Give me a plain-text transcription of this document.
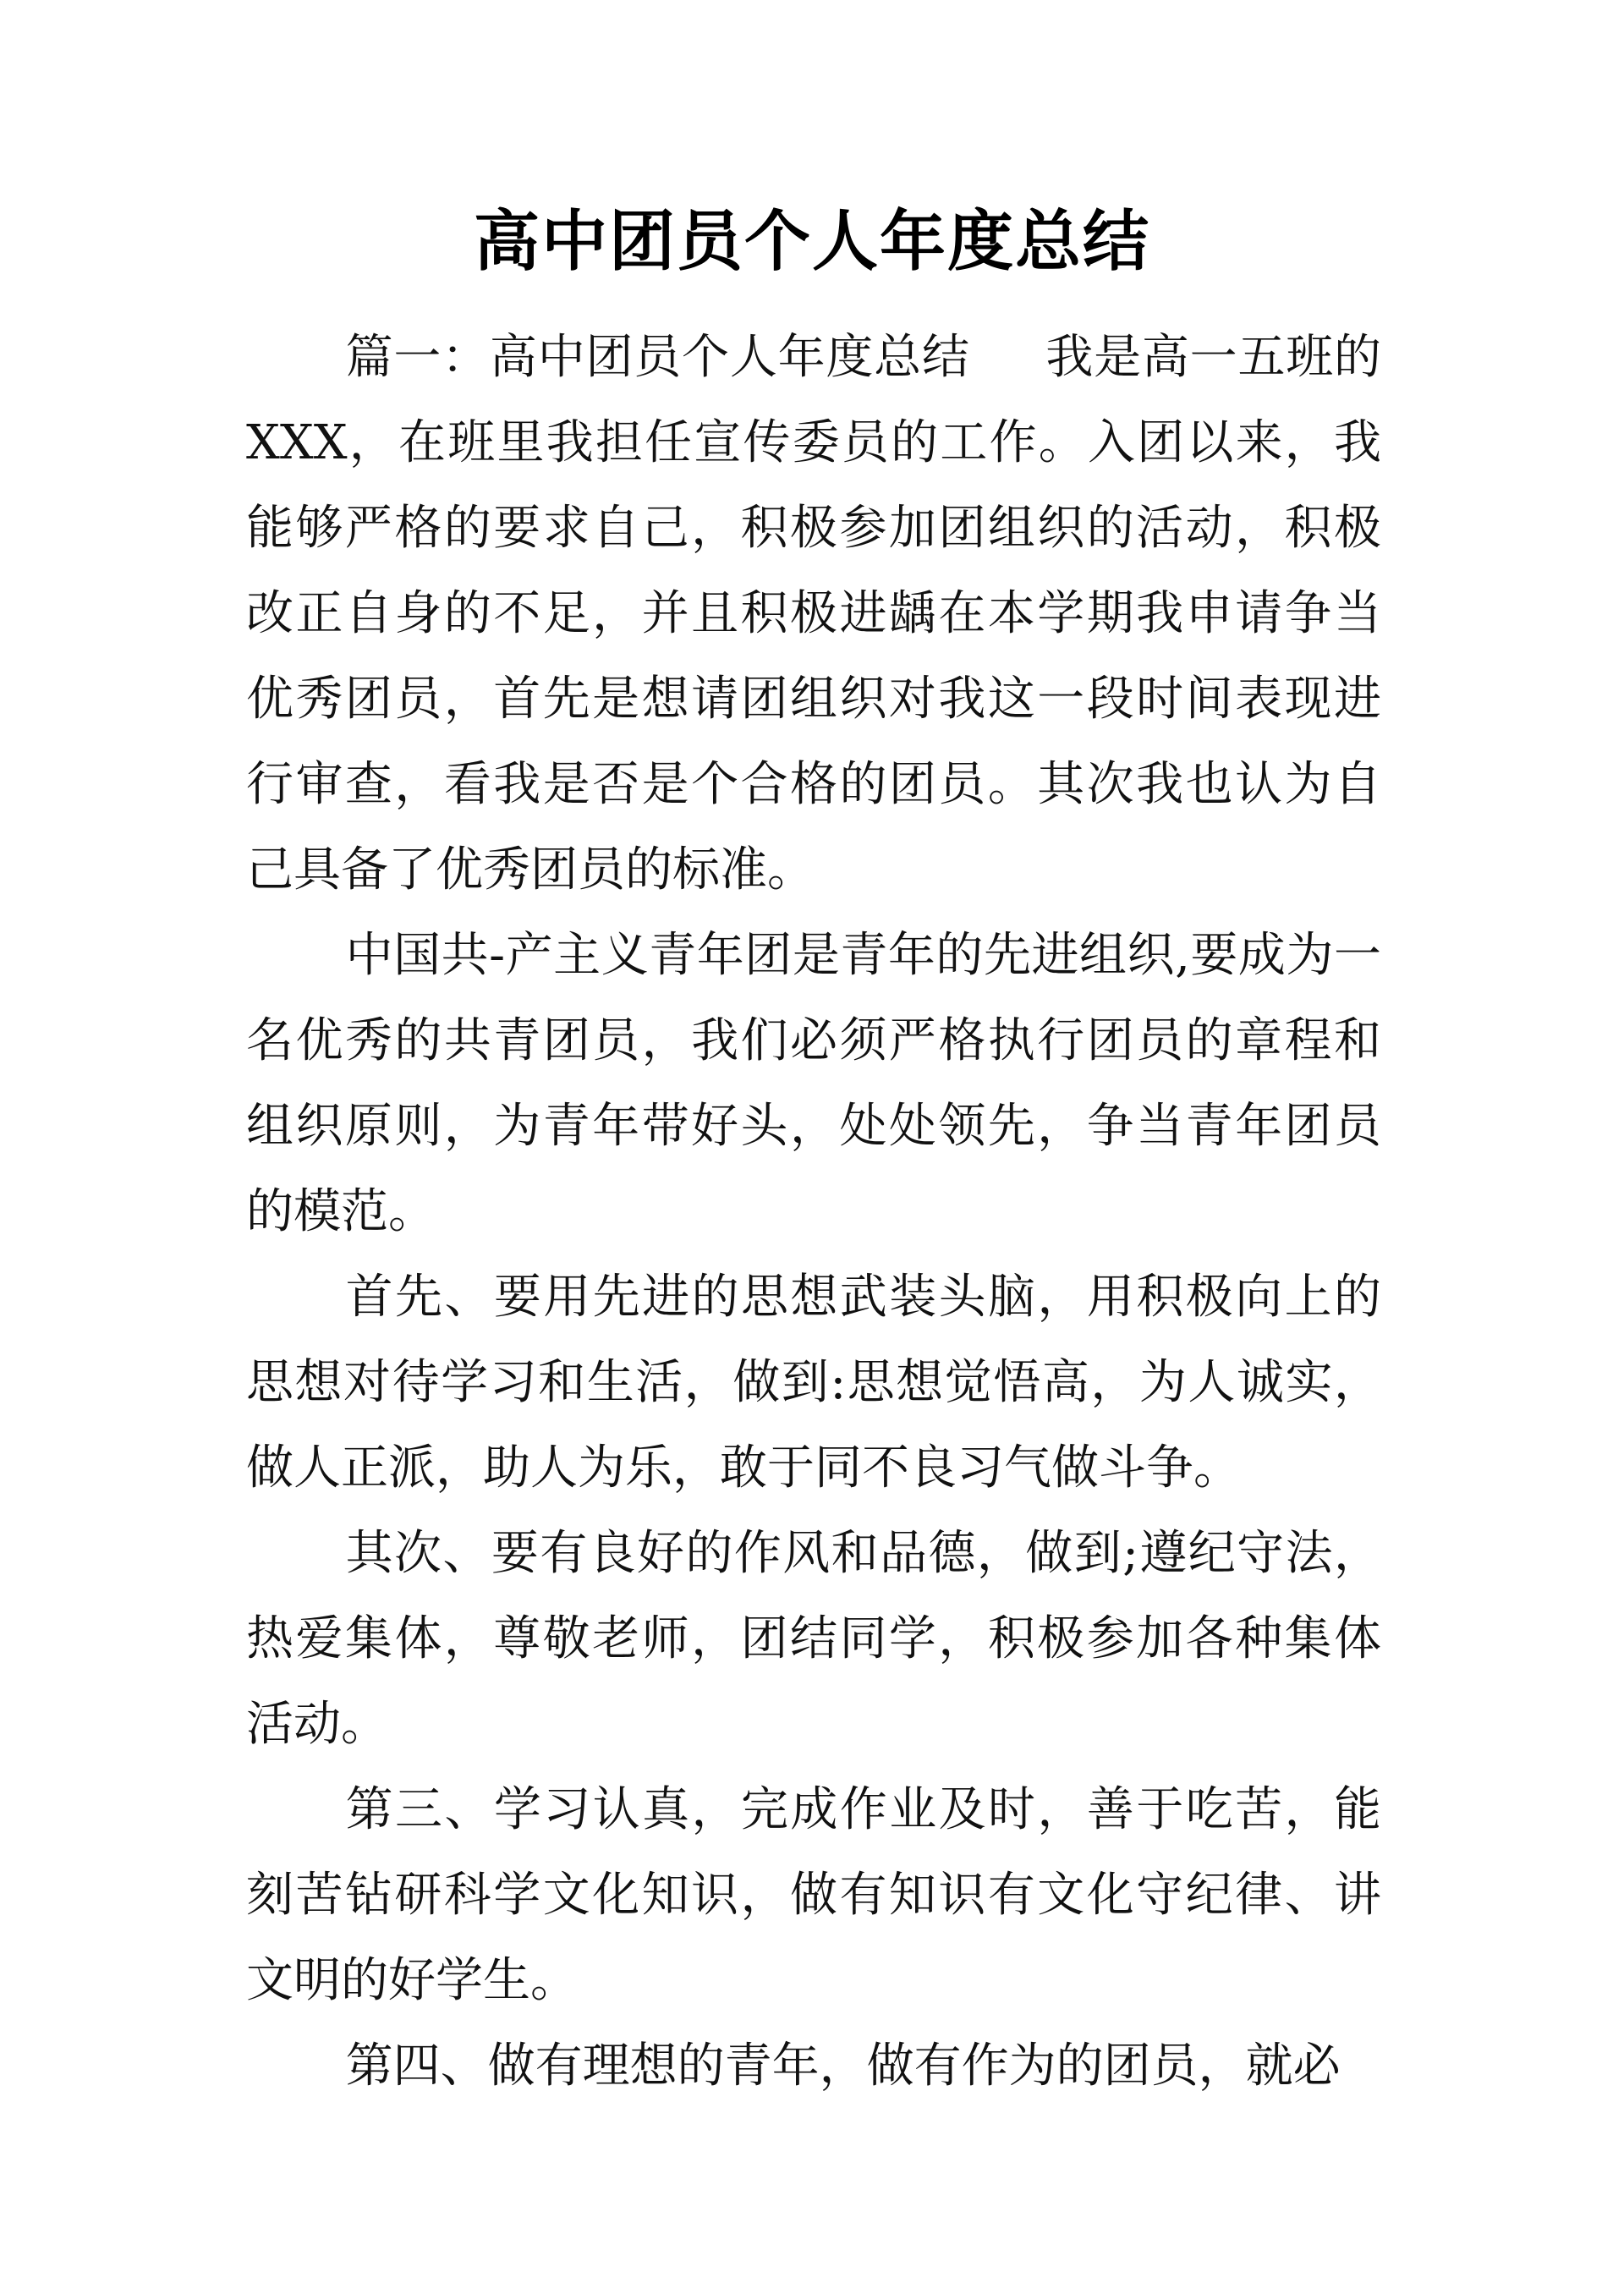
高中团员个人年度总结

篇一：高中团员个人年度总结 我是高一五班的XXX，在班里我担任宣传委员的工作。入团以来，我能够严格的要求自己，积极参加团组织的活动，积极改正自身的不足，并且积极进龋在本学期我申请争当优秀团员，首先是想请团组织对我这一段时间表现进行审查，看我是否是个合格的团员。其次我也认为自己具备了优秀团员的标准。

中国共-产主义青年团是青年的先进组织,要成为一名优秀的共青团员，我们必须严格执行团员的章程和组织原则，为青年带好头，处处领先，争当青年团员的模范。

首先、要用先进的思想武装头脑，用积极向上的思想对待学习和生活，做到:思想觉悟高，为人诚实，做人正派，助人为乐，敢于同不良习气做斗争。

其次、要有良好的作风和品德，做到;遵纪守法，热爱集体，尊敬老师，团结同学，积极参加各种集体活动。

第三、学习认真，完成作业及时，善于吃苦，能刻苦钻研科学文化知识，做有知识有文化守纪律、讲文明的好学生。

第四、做有理想的青年，做有作为的团员，就必
